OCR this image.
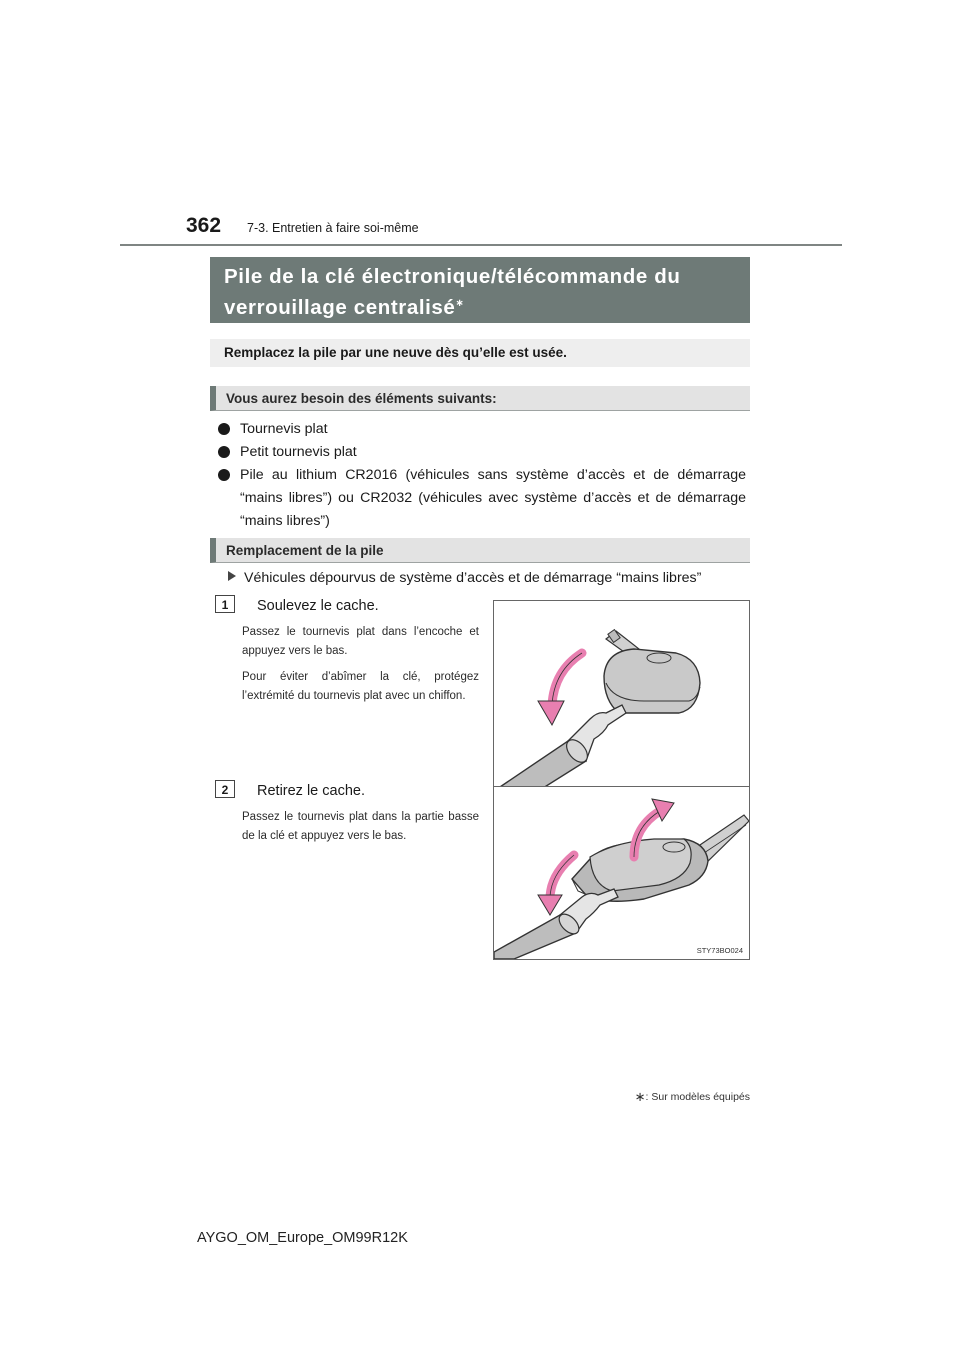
362 7-3. Entretien à faire soi-même
Pile de la clé électronique/télécommande du
verrouillage centralisé∗
Remplacez la pile par une neuve dès qu’elle est usée.
Vous aurez besoin des éléments suivants:
Tournevis plat
Petit tournevis plat
Pile au lithium CR2016 (véhicules sans système d’accès et de démarrage “mains libres”) ou CR2032 (véhicules avec système d’accès et de démarrage “mains libres”)
Remplacement de la pile
Véhicules dépourvus de système d’accès et de démarrage “mains libres”
1	Soulevez le cache.

Passez le tournevis plat dans l’encoche et appuyez vers le bas.

Pour éviter d’abîmer la clé, protégez l’extrémité du tournevis plat avec un chiffon.

2	Retirez le cache.

Passez le tournevis plat dans la partie basse de la clé et appuyez vers le bas.

STY73BO024
∗: Sur modèles équipés
AYGO_OM_Europe_OM99R12K
